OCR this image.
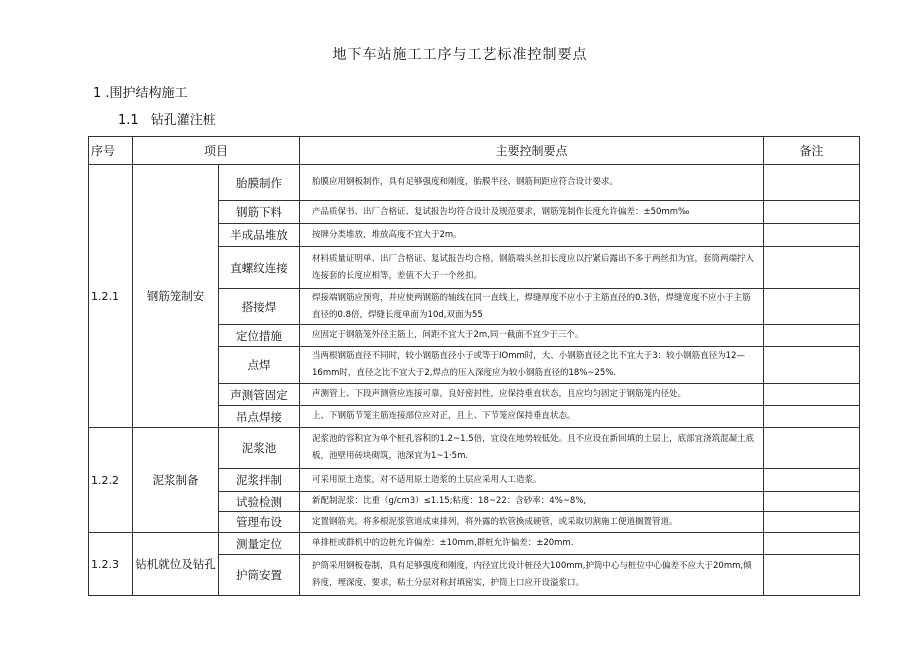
地下车站施工工序与工艺标准控制要点
1 .围护结构施工
1.1 钻孔灌注桩
序号	项目		主要控制要点	备注
1.2.1	钢筋笼制安	胎膜制作	胎膜应用钢板制作，具有足够强度和刚度，胎膜半径、钢筋间距应符合设计要求。	
		钢筋下料	产品质保书、出厂合格证、复试报告均符合设计及规范要求，钢筋笼制作长度允许偏差：±50mm‰	
		半成品堆放	按牌分类堆放，堆放高度不宜大于2m。	
		直螺纹连接	材料质量证明单、出厂合格证、复试报告均合格，钢筋端头丝扣长度应以拧紧后露出不多于两丝扣为宜，套筒两端拧入连接套的长度应相等，差值不大于一个丝扣。	
		搭接焊	焊接端钢筋应预弯，并应使两钢筋的轴线在同一直线上，焊缝厚度不应小于主筋直径的0.3倍，焊缝宽度不应小于主筋直径的0.8倍，焊缝长度单面为10d,双面为55	
		定位措施	应固定于钢筋笼外径主筋上，间距不宜大于2m,同一截面不宜少于三个。	
		点焊	当两根钢筋直径不同时，较小钢筋直径小于或等于IOmm时，大、小钢筋直径之比不宜大于3：较小钢筋直径为12—16mm时，直径之比不宜大于2,焊点的压入深度应为较小钢筋直径的18%~25%.	
		声测管固定	声测管上、下段声测管应连接可靠，良好密封性，应保持垂直状态，且应均匀固定于钢筋笼内径处。	
		吊点焊接	上、下钢筋节笼主筋连接部位应对正，且上、下节笼应保持垂直状态。	
1.2.2	泥浆制备	泥浆池	泥浆池的容积宜为单个桩孔容积的1.2~1.5倍，宜设在地势较低处。且不应设在新回填的土层上，底部宜浇筑混凝土底板，池壁用砖块砌筑，池深宜为1~1·5m.	
		泥浆拌制	可采用原土造浆，对不适用原土造浆的土层应采用人工造浆。	
		试验检测	新配制泥浆：比重（g/cm3）≤1.15;粘度：18~22：含砂率：4%~8%,	
		管理布设	定置钢筋夹，将多根泥浆管道成束排列，将外露的软管換成硬管，或采取切割施工便道搁置管道。	
1.2.3	钻机就位及钻孔	测量定位	单排桩或群机中的边桩允许偏差：±10mm,群桩允许偏差：±20mm.	
		护筒安置	护筒采用钢板卷制，具有足够强度和刚度，内径宜比设计桩径大100mm,护筒中心与桩位中心偏差不应大于20mm,倾斜度，埋深度、要求，粘土分层对称封填密实，护筒上口应开设溢浆口。	
